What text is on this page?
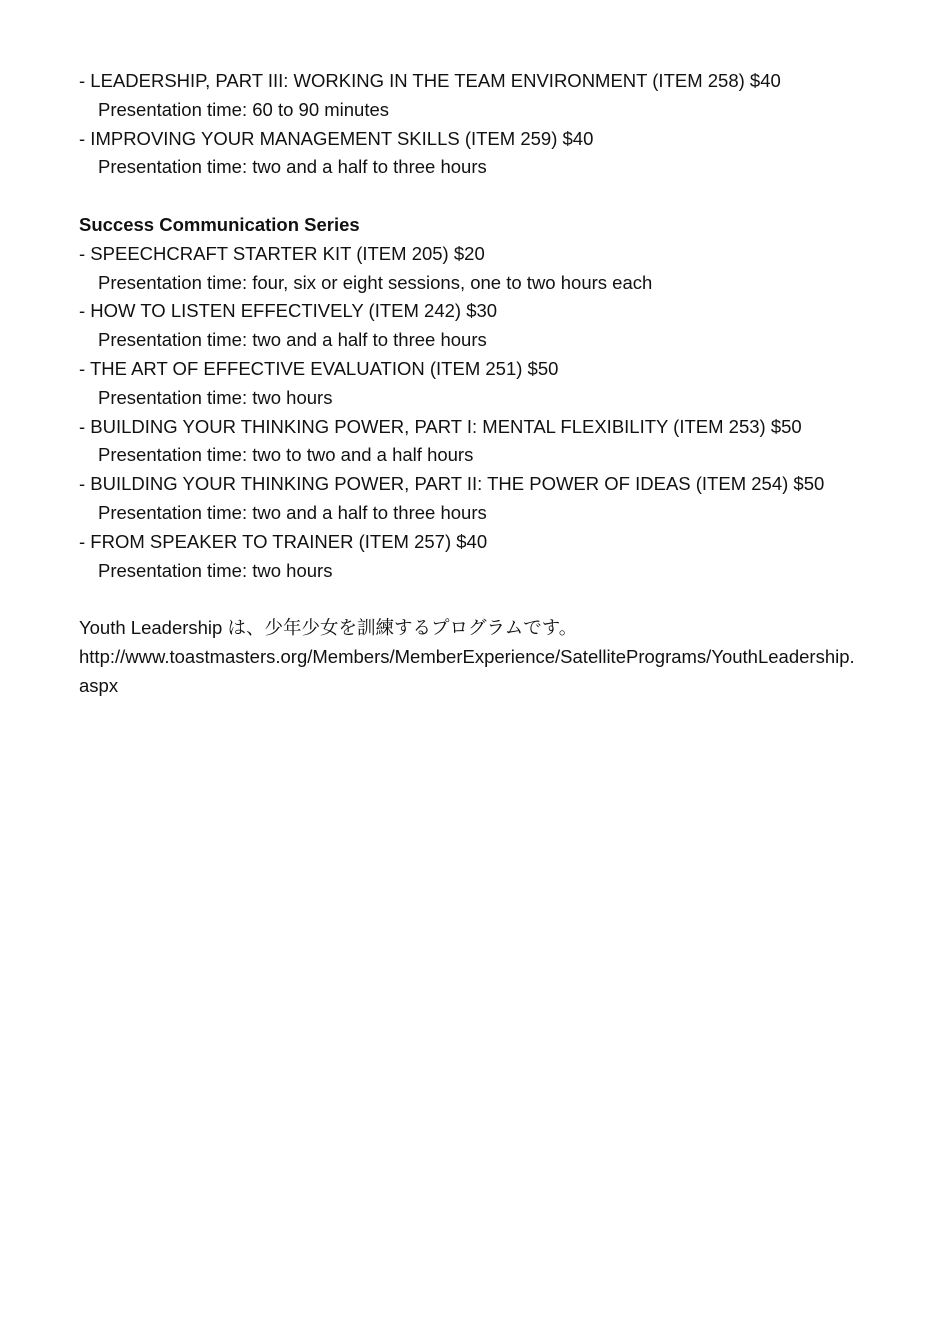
- LEADERSHIP, PART III: WORKING IN THE TEAM ENVIRONMENT (ITEM 258) $40

Presentation time: 60 to 90 minutes

- IMPROVING YOUR MANAGEMENT SKILLS (ITEM 259) $40

Presentation time: two and a half to three hours

Success Communication Series

- SPEECHCRAFT STARTER KIT (ITEM 205) $20

Presentation time: four, six or eight sessions, one to two hours each

- HOW TO LISTEN EFFECTIVELY (ITEM 242) $30

Presentation time: two and a half to three hours

- THE ART OF EFFECTIVE EVALUATION (ITEM 251) $50

Presentation time: two hours

- BUILDING YOUR THINKING POWER, PART I: MENTAL FLEXIBILITY (ITEM 253) $50

Presentation time: two to two and a half hours

- BUILDING YOUR THINKING POWER, PART II: THE POWER OF IDEAS (ITEM 254) $50

Presentation time: two and a half to three hours

- FROM SPEAKER TO TRAINER (ITEM 257) $40

Presentation time: two hours

Youth Leadership は、少年少女を訓練するプログラムです。

http://www.toastmasters.org/Members/MemberExperience/SatellitePrograms/YouthLeadership.

aspx
